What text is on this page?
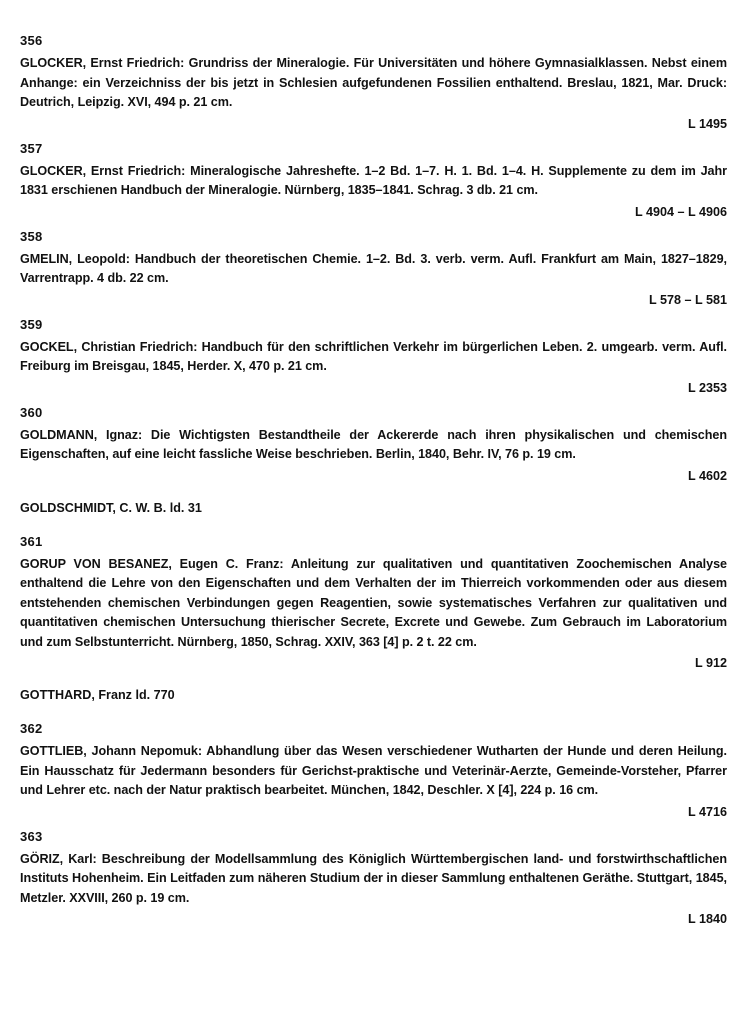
356
GLOCKER, Ernst Friedrich: Grundriss der Mineralogie. Für Universitäten und höhere Gymnasialklassen. Nebst einem Anhange: ein Verzeichniss der bis jetzt in Schlesien aufgefundenen Fossilien enthaltend. Breslau, 1821, Mar. Druck: Deutrich, Leipzig. XVI, 494 p. 21 cm.
L 1495
357
GLOCKER, Ernst Friedrich: Mineralogische Jahreshefte. 1–2 Bd. 1–7. H. 1. Bd. 1–4. H. Supplemente zu dem im Jahr 1831 erschienen Handbuch der Mineralogie. Nürnberg, 1835–1841. Schrag. 3 db. 21 cm.
L 4904 – L 4906
358
GMELIN, Leopold: Handbuch der theoretischen Chemie. 1–2. Bd. 3. verb. verm. Aufl. Frankfurt am Main, 1827–1829, Varrentrapp. 4 db. 22 cm.
L 578 – L 581
359
GOCKEL, Christian Friedrich: Handbuch für den schriftlichen Verkehr im bürgerlichen Leben. 2. umgearb. verm. Aufl. Freiburg im Breisgau, 1845, Herder. X, 470 p. 21 cm.
L 2353
360
GOLDMANN, Ignaz: Die Wichtigsten Bestandtheile der Ackererde nach ihren physikalischen und chemischen Eigenschaften, auf eine leicht fassliche Weise beschrieben. Berlin, 1840, Behr. IV, 76 p. 19 cm.
L 4602
GOLDSCHMIDT, C. W. B. ld. 31
361
GORUP VON BESANEZ, Eugen C. Franz: Anleitung zur qualitativen und quantitativen Zoochemischen Analyse enthaltend die Lehre von den Eigenschaften und dem Verhalten der im Thierreich vorkommenden oder aus diesem entstehenden chemischen Verbindungen gegen Reagentien, sowie systematisches Verfahren zur qualitativen und quantitativen chemischen Untersuchung thierischer Secrete, Excrete und Gewebe. Zum Gebrauch im Laboratorium und zum Selbstunterricht. Nürnberg, 1850, Schrag. XXIV, 363 [4] p. 2 t. 22 cm.
L 912
GOTTHARD, Franz ld. 770
362
GOTTLIEB, Johann Nepomuk: Abhandlung über das Wesen verschiedener Wutharten der Hunde und deren Heilung. Ein Hausschatz für Jedermann besonders für Gerichst-praktische und Veterinär-Aerzte, Gemeinde-Vorsteher, Pfarrer und Lehrer etc. nach der Natur praktisch bearbeitet. München, 1842, Deschler. X [4], 224 p. 16 cm.
L 4716
363
GÖRIZ, Karl: Beschreibung der Modellsammlung des Königlich Württembergischen land- und forstwirthschaftlichen Instituts Hohenheim. Ein Leitfaden zum näheren Studium der in dieser Sammlung enthaltenen Geräthe. Stuttgart, 1845, Metzler. XXVIII, 260 p. 19 cm.
L 1840
